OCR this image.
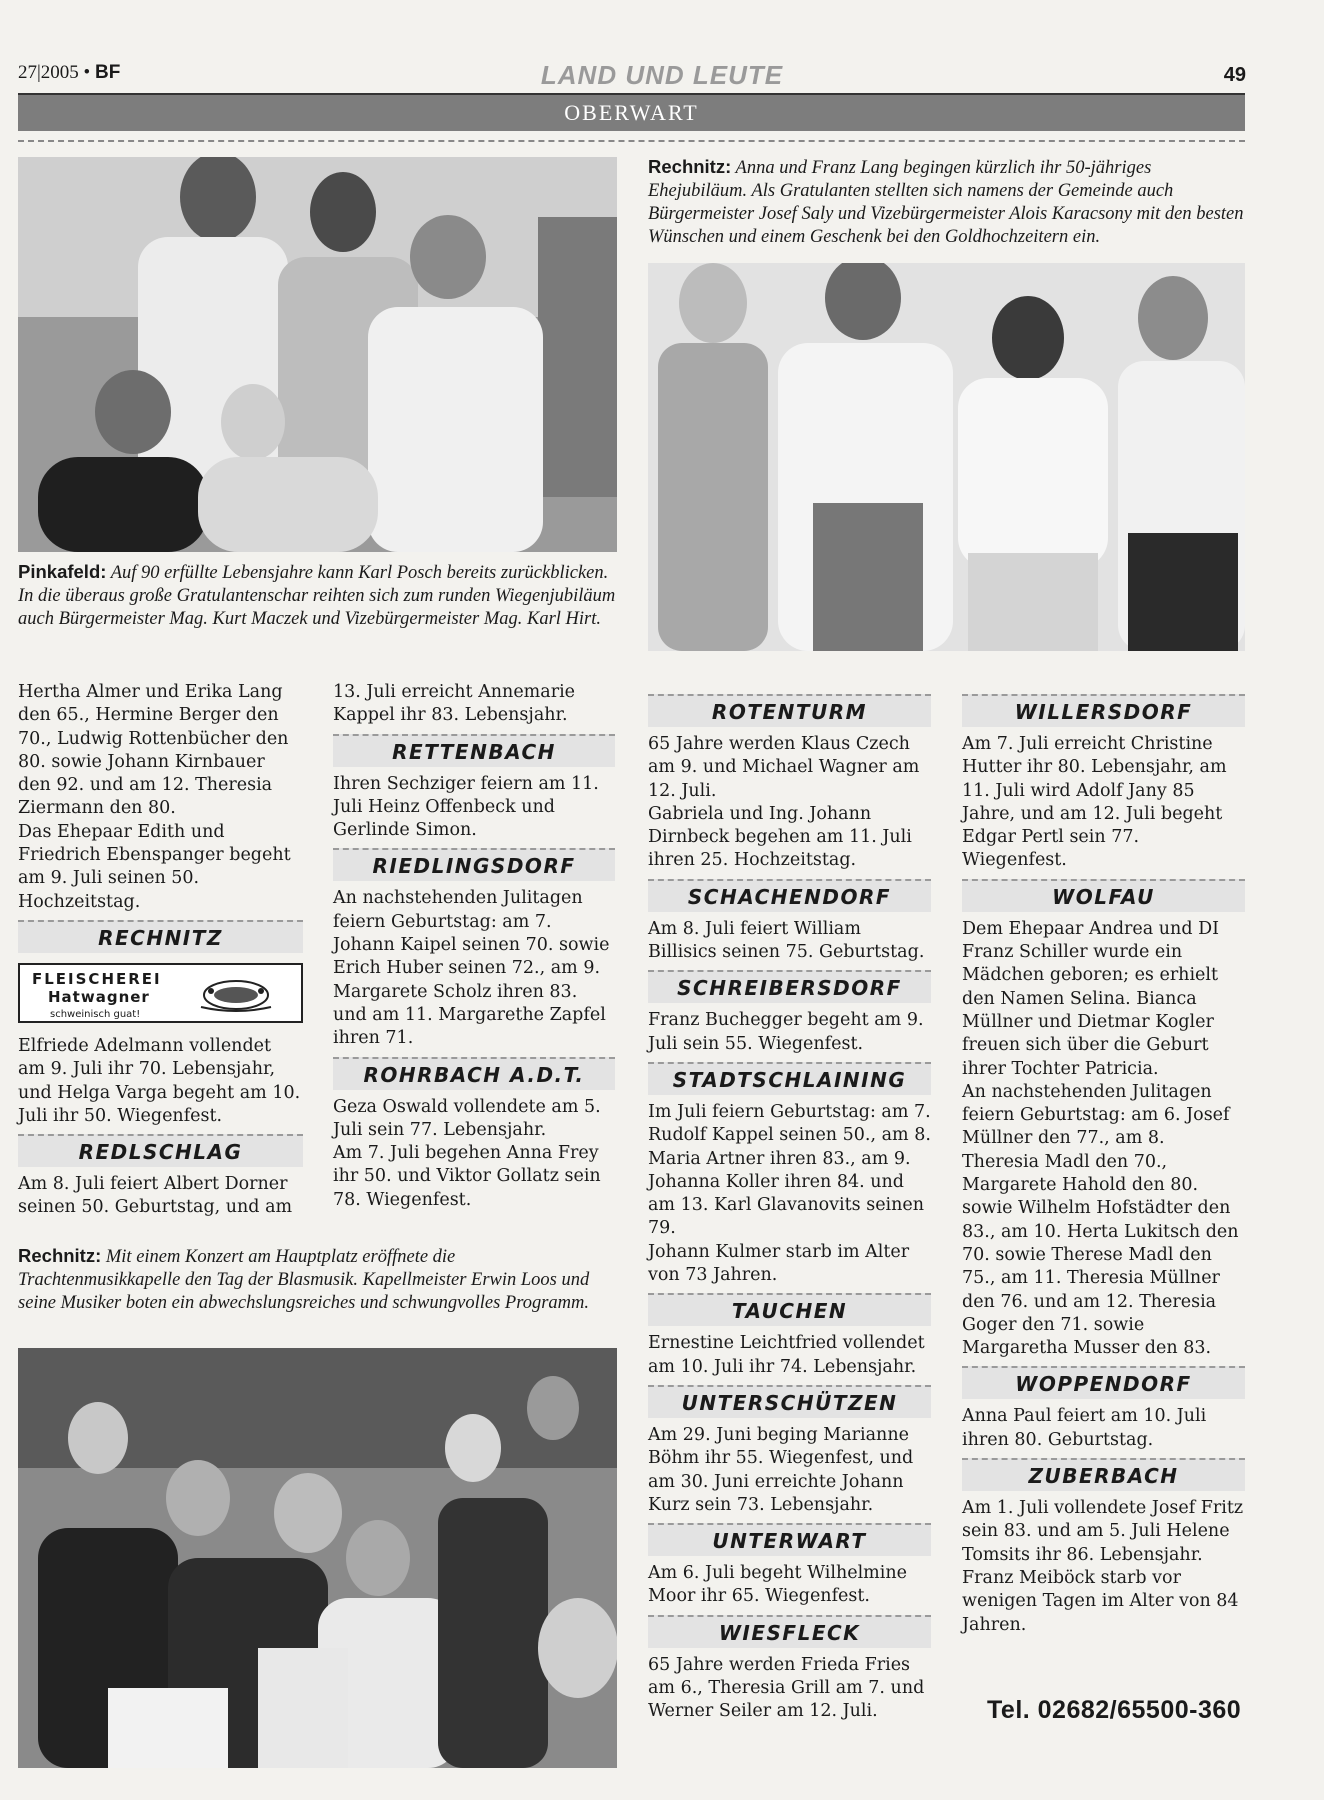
27|2005 • BF	LAND UND LEUTE	49
OBERWART
Pinkafeld: Auf 90 erfüllte Lebensjahre kann Karl Posch bereits zurückblicken. In die überaus große Gratulantenschar reihten sich zum runden Wiegenjubiläum auch Bürgermeister Mag. Kurt Maczek und Vizebürgermeister Mag. Karl Hirt.
Rechnitz: Anna und Franz Lang begingen kürzlich ihr 50-jähriges Ehejubiläum. Als Gratulanten stellten sich namens der Gemeinde auch Bürgermeister Josef Saly und Vizebürgermeister Alois Karacsony mit den besten Wünschen und einem Geschenk bei den Goldhochzeitern ein.

Hertha Almer und Erika Lang den 65., Hermine Berger den 70., Ludwig Rottenbücher den 80. sowie Johann Kirnbauer den 92. und am 12. Theresia Ziermann den 80.

Das Ehepaar Edith und Friedrich Ebenspanger begeht am 9. Juli seinen 50. Hochzeitstag.

RECHNITZ
FLEISCHEREI
Hatwagner
schweinisch guat!

Elfriede Adelmann vollendet am 9. Juli ihr 70. Lebensjahr, und Helga Varga begeht am 10. Juli ihr 50. Wiegenfest.

REDLSCHLAG

Am 8. Juli feiert Albert Dorner seinen 50. Geburtstag, und am

13. Juli erreicht Annemarie Kappel ihr 83. Lebensjahr.

RETTENBACH

Ihren Sechziger feiern am 11. Juli Heinz Offenbeck und Gerlinde Simon.

RIEDLINGSDORF

An nachstehenden Julitagen feiern Geburtstag: am 7. Johann Kaipel seinen 70. sowie Erich Huber seinen 72., am 9. Margarete Scholz ihren 83. und am 11. Margarethe Zapfel ihren 71.

ROHRBACH A.D.T.

Geza Oswald vollendete am 5. Juli sein 77. Lebensjahr.

Am 7. Juli begehen Anna Frey ihr 50. und Viktor Gollatz sein 78. Wiegenfest.

Rechnitz: Mit einem Konzert am Hauptplatz eröffnete die Trachtenmusikkapelle den Tag der Blasmusik. Kapellmeister Erwin Loos und seine Musiker boten ein abwechslungsreiches und schwungvolles Programm.
ROTENTURM

65 Jahre werden Klaus Czech am 9. und Michael Wagner am 12. Juli.

Gabriela und Ing. Johann Dirnbeck begehen am 11. Juli ihren 25. Hochzeitstag.

SCHACHENDORF

Am 8. Juli feiert William Billisics seinen 75. Geburtstag.

SCHREIBERSDORF

Franz Buchegger begeht am 9. Juli sein 55. Wiegenfest.

STADTSCHLAINING

Im Juli feiern Geburtstag: am 7. Rudolf Kappel seinen 50., am 8. Maria Artner ihren 83., am 9. Johanna Koller ihren 84. und am 13. Karl Glavanovits seinen 79.

Johann Kulmer starb im Alter von 73 Jahren.

TAUCHEN

Ernestine Leichtfried vollendet am 10. Juli ihr 74. Lebensjahr.

UNTERSCHÜTZEN

Am 29. Juni beging Marianne Böhm ihr 55. Wiegenfest, und am 30. Juni erreichte Johann Kurz sein 73. Lebensjahr.

UNTERWART

Am 6. Juli begeht Wilhelmine Moor ihr 65. Wiegenfest.

WIESFLECK

65 Jahre werden Frieda Fries am 6., Theresia Grill am 7. und Werner Seiler am 12. Juli.

WILLERSDORF

Am 7. Juli erreicht Christine Hutter ihr 80. Lebensjahr, am 11. Juli wird Adolf Jany 85 Jahre, und am 12. Juli begeht Edgar Pertl sein 77. Wiegenfest.

WOLFAU

Dem Ehepaar Andrea und DI Franz Schiller wurde ein Mädchen geboren; es erhielt den Namen Selina. Bianca Müllner und Dietmar Kogler freuen sich über die Geburt ihrer Tochter Patricia.

An nachstehenden Julitagen feiern Geburtstag: am 6. Josef Müllner den 77., am 8. Theresia Madl den 70., Margarete Hahold den 80. sowie Wilhelm Hofstädter den 83., am 10. Herta Lukitsch den 70. sowie Therese Madl den 75., am 11. Theresia Müllner den 76. und am 12. Theresia Goger den 71. sowie Margaretha Musser den 83.

WOPPENDORF

Anna Paul feiert am 10. Juli ihren 80. Geburtstag.

ZUBERBACH

Am 1. Juli vollendete Josef Fritz sein 83. und am 5. Juli Helene Tomsits ihr 86. Lebensjahr.

Franz Meiböck starb vor wenigen Tagen im Alter von 84 Jahren.

Tel. 02682/65500-360
